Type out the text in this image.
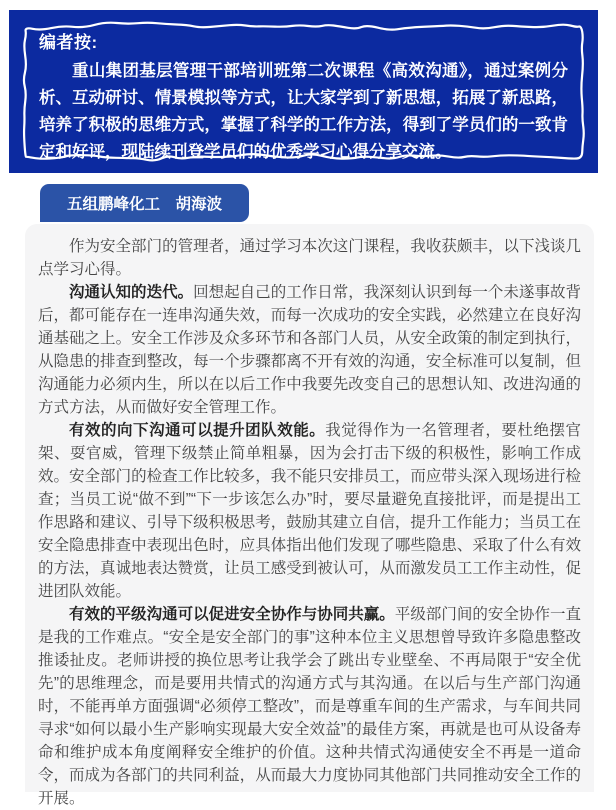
编者按:

重山集团基层管理干部培训班第二次课程《高效沟通》，通过案例分析、互动研讨、情景模拟等方式，让大家学到了新思想，拓展了新思路，培养了积极的思维方式，掌握了科学的工作方法，得到了学员们的一致肯定和好评，现陆续刊登学员们的优秀学习心得分享交流。

五组鹏峰化工　胡海波

作为安全部门的管理者，通过学习本次这门课程，我收获颇丰，以下浅谈几点学习心得。

沟通认知的迭代。回想起自己的工作日常，我深刻认识到每一个未遂事故背后，都可能存在一连串沟通失效，而每一次成功的安全实践，必然建立在良好沟通基础之上。安全工作涉及众多环节和各部门人员，从安全政策的制定到执行，从隐患的排查到整改，每一个步骤都离不开有效的沟通，安全标准可以复制，但沟通能力必须内生，所以在以后工作中我要先改变自己的思想认知、改进沟通的方式方法，从而做好安全管理工作。

有效的向下沟通可以提升团队效能。我觉得作为一名管理者，要杜绝摆官架、耍官威，管理下级禁止简单粗暴，因为会打击下级的积极性，影响工作成效。安全部门的检查工作比较多，我不能只安排员工，而应带头深入现场进行检查；当员工说“做不到”“下一步该怎么办”时，要尽量避免直接批评，而是提出工作思路和建议、引导下级积极思考，鼓励其建立自信，提升工作能力；当员工在安全隐患排查中表现出色时，应具体指出他们发现了哪些隐患、采取了什么有效的方法，真诚地表达赞赏，让员工感受到被认可，从而激发员工工作主动性，促进团队效能。

有效的平级沟通可以促进安全协作与协同共赢。平级部门间的安全协作一直是我的工作难点。“安全是安全部门的事”这种本位主义思想曾导致许多隐患整改推诿扯皮。老师讲授的换位思考让我学会了跳出专业壁垒、不再局限于“安全优先”的思维理念，而是要用共情式的沟通方式与其沟通。在以后与生产部门沟通时，不能再单方面强调“必须停工整改”，而是尊重车间的生产需求，与车间共同寻求“如何以最小生产影响实现最大安全效益”的最佳方案，再就是也可从设备寿命和维护成本角度阐释安全维护的价值。这种共情式沟通使安全不再是一道命令，而成为各部门的共同利益，从而最大力度协同其他部门共同推动安全工作的开展。
